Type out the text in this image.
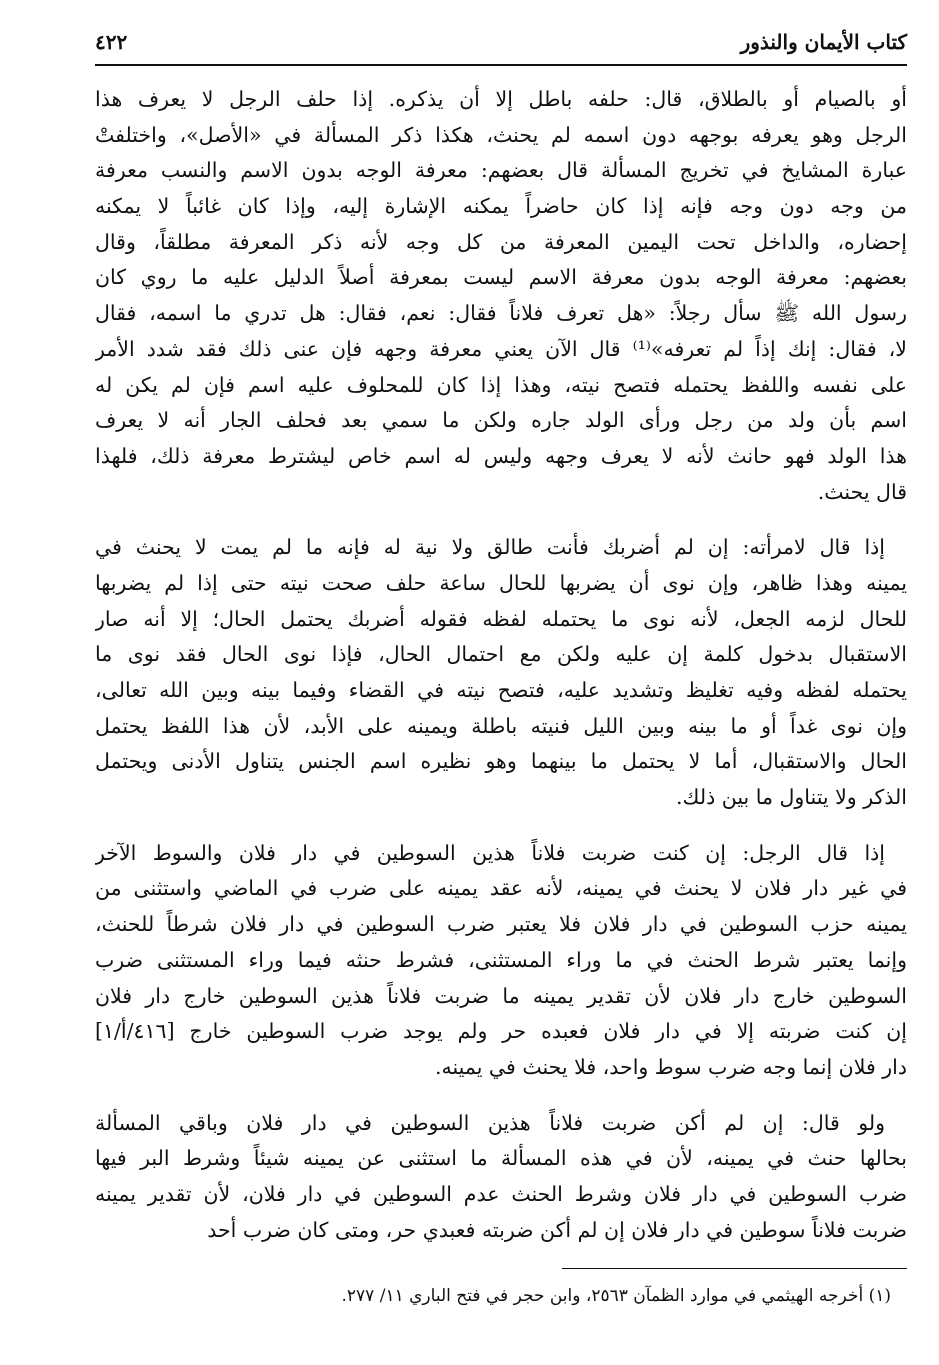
كتاب الأيمان والنذور
٤٢٢
أو بالصيام أو بالطلاق، قال: حلفه باطل إلا أن يذكره. إذا حلف الرجل لا يعرف هذا
الرجل وهو يعرفه بوجهه دون اسمه لم يحنث، هكذا ذكر المسألة في «الأصل»، واختلفتْ
عبارة المشايخ في تخريج المسألة قال بعضهم: معرفة الوجه بدون الاسم والنسب معرفة
من وجه دون وجه فإنه إذا كان حاضراً يمكنه الإشارة إليه، وإذا كان غائباً لا يمكنه
إحضاره، والداخل تحت اليمين المعرفة من كل وجه لأنه ذكر المعرفة مطلقاً، وقال
بعضهم: معرفة الوجه بدون معرفة الاسم ليست بمعرفة أصلاً الدليل عليه ما روي كان
رسول الله ﷺ سأل رجلاً: «هل تعرف فلاناً فقال: نعم، فقال: هل تدري ما اسمه، فقال
لا، فقال: إنك إذاً لم تعرفه»⁽¹⁾ قال الآن يعني معرفة وجهه فإن عنى ذلك فقد شدد الأمر
على نفسه واللفظ يحتمله فتصح نيته، وهذا إذا كان للمحلوف عليه اسم فإن لم يكن له
اسم بأن ولد من رجل ورأى الولد جاره ولكن ما سمي بعد فحلف الجار أنه لا يعرف
هذا الولد فهو حانث لأنه لا يعرف وجهه وليس له اسم خاص ليشترط معرفة ذلك، فلهذا
قال يحنث.
إذا قال لامرأته: إن لم أضربك فأنت طالق ولا نية له فإنه ما لم يمت لا يحنث في
يمينه وهذا ظاهر، وإن نوى أن يضربها للحال ساعة حلف صحت نيته حتى إذا لم يضربها
للحال لزمه الجعل، لأنه نوى ما يحتمله لفظه فقوله أضربك يحتمل الحال؛ إلا أنه صار
الاستقبال بدخول كلمة إن عليه ولكن مع احتمال الحال، فإذا نوى الحال فقد نوى ما
يحتمله لفظه وفيه تغليظ وتشديد عليه، فتصح نيته في القضاء وفيما بينه وبين الله تعالى،
وإن نوى غداً أو ما بينه وبين الليل فنيته باطلة ويمينه على الأبد، لأن هذا اللفظ يحتمل
الحال والاستقبال، أما لا يحتمل ما بينهما وهو نظيره اسم الجنس يتناول الأدنى ويحتمل
الذكر ولا يتناول ما بين ذلك.
إذا قال الرجل: إن كنت ضربت فلاناً هذين السوطين في دار فلان والسوط الآخر
في غير دار فلان لا يحنث في يمينه، لأنه عقد يمينه على ضرب في الماضي واستثنى من
يمينه حزب السوطين في دار فلان فلا يعتبر ضرب السوطين في دار فلان شرطاً للحنث،
وإنما يعتبر شرط الحنث في ما وراء المستثنى، فشرط حنثه فيما وراء المستثنى ضرب
السوطين خارج دار فلان لأن تقدير يمينه ما ضربت فلاناً هذين السوطين خارج دار فلان
إن كنت ضربته إلا في دار فلان فعبده حر ولم يوجد ضرب السوطين خارج [٤١٦/أ/١]
دار فلان إنما وجه ضرب سوط واحد، فلا يحنث في يمينه.
ولو قال: إن لم أكن ضربت فلاناً هذين السوطين في دار فلان وباقي المسألة
بحالها حنث في يمينه، لأن في هذه المسألة ما استثنى عن يمينه شيئاً وشرط البر فيها
ضرب السوطين في دار فلان وشرط الحنث عدم السوطين في دار فلان، لأن تقدير يمينه
ضربت فلاناً سوطين في دار فلان إن لم أكن ضربته فعبدي حر، ومتى كان ضرب أحد
(١) أخرجه الهيثمي في موارد الظمآن ٢٥٦٣، وابن حجر في فتح الباري ١١/ ٢٧٧.
